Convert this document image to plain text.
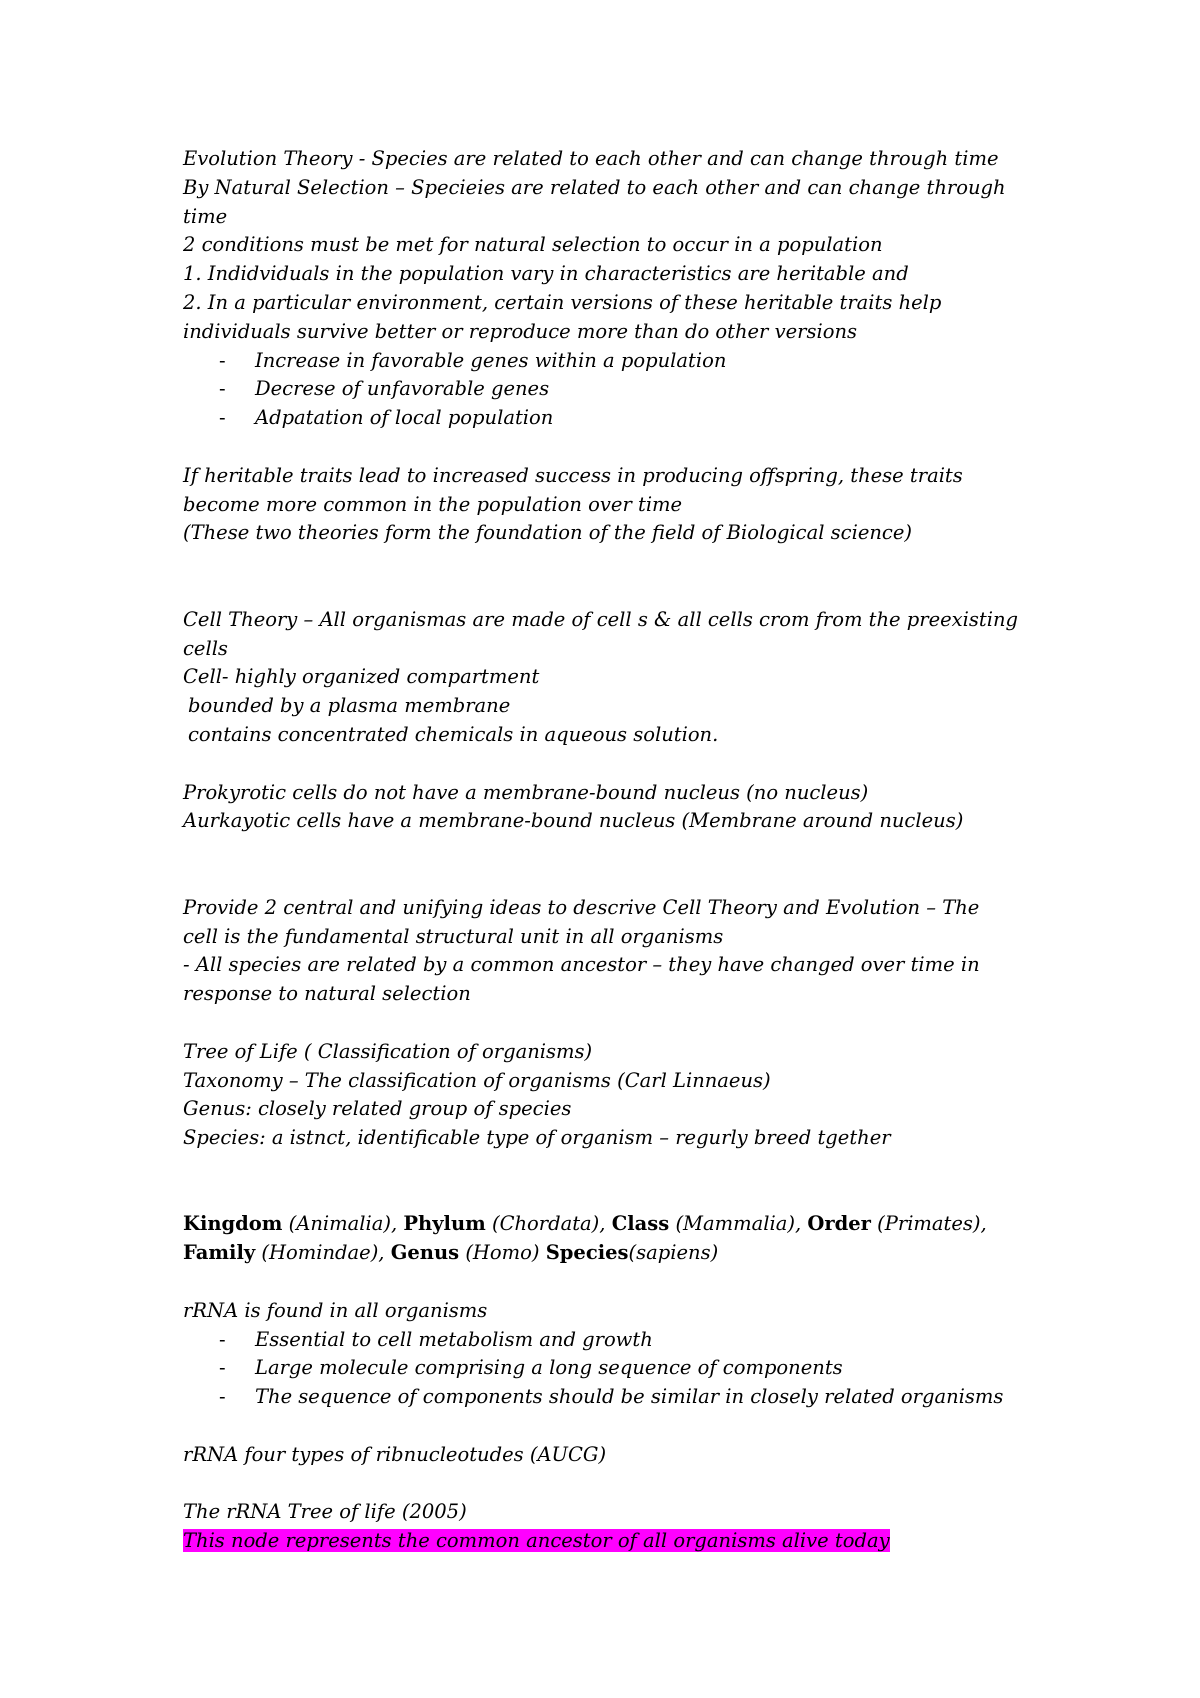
Evolution Theory - Species are related to each other and can change through time
By Natural Selection – Specieies are related to each other and can change through
time
2 conditions must be met for natural selection to occur in a population
1. Indidviduals in the population vary in characteristics are heritable and
2. In a particular environment, certain versions of these heritable traits help
individuals survive better or reproduce more than do other versions
- Increase in favorable genes within a population
- Decrese of unfavorable genes
- Adpatation of local population
If heritable traits lead to increased success in producing offspring, these traits
become more common in the population over time
(These two theories form the foundation of the field of Biological science)
Cell Theory – All organismas are made of cell s & all cells crom from the preexisting
cells
Cell- highly organized compartment
bounded by a plasma membrane
contains concentrated chemicals in aqueous solution.
Prokyrotic cells do not have a membrane-bound nucleus (no nucleus)
Aurkayotic cells have a membrane-bound nucleus (Membrane around nucleus)
Provide 2 central and unifying ideas to descrive Cell Theory and Evolution – The
cell is the fundamental structural unit in all organisms
- All species are related by a common ancestor – they have changed over time in
response to natural selection
Tree of Life ( Classification of organisms)
Taxonomy – The classification of organisms (Carl Linnaeus)
Genus: closely related group of species
Species: a istnct, identificable type of organism – regurly breed tgether
Kingdom (Animalia), Phylum (Chordata), Class (Mammalia), Order (Primates),
Family (Homindae), Genus (Homo) Species(sapiens)
rRNA is found in all organisms
- Essential to cell metabolism and growth
- Large molecule comprising a long sequence of components
- The sequence of components should be similar in closely related organisms
rRNA four types of ribnucleotudes (AUCG)
The rRNA Tree of life (2005)
This node represents the common ancestor of all organisms alive today
